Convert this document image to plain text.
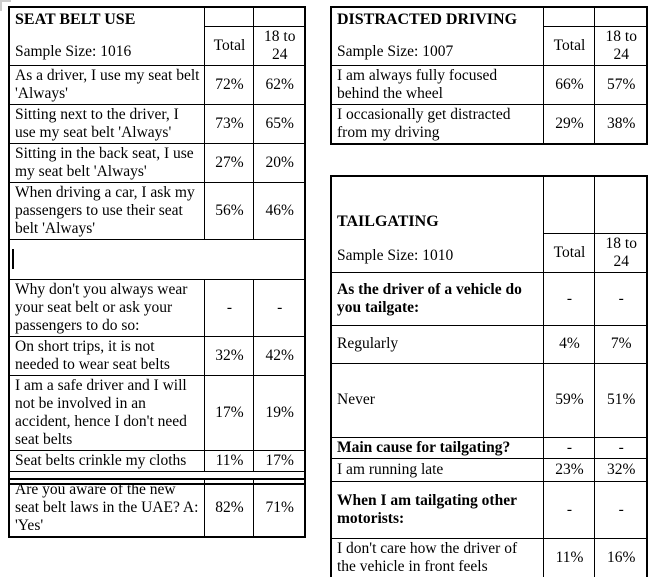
SEAT BELT USE
Sample Size: 1016		

	Total	18 to 24
As a driver, I use my seat belt 'Always'	72%	62%
Sitting next to the driver, I use my seat belt 'Always'	73%	65%
Sitting in the back seat, I use my seat belt 'Always'	27%	20%
When driving a car, I ask my passengers to use their seat belt 'Always'	56%	46%

Why don't you always wear your seat belt or ask your passengers to do so:	-	-
On short trips, it is not needed to wear seat belts	32%	42%
I am a safe driver and I will not be involved in an accident, hence I don't need seat belts	17%	19%
Seat belts crinkle my cloths	11%	17%

Are you aware of the new seat belt laws in the UAE? A: 'Yes'	82%	71%
DISTRACTED DRIVING
Sample Size: 1007		

	Total	18 to 24
I am always fully focused behind the wheel	66%	57%
I occasionally get distracted from my driving	29%	38%
TAILGATING
Sample Size: 1010		

	Total	18 to 24
As the driver of a vehicle do you tailgate:	-	-
Regularly	4%	7%
Never	59%	51%
Main cause for tailgating?	-	-
I am running late	23%	32%
When I am tailgating other motorists:	-	-
I don't care how the driver of the vehicle in front feels	11%	16%
